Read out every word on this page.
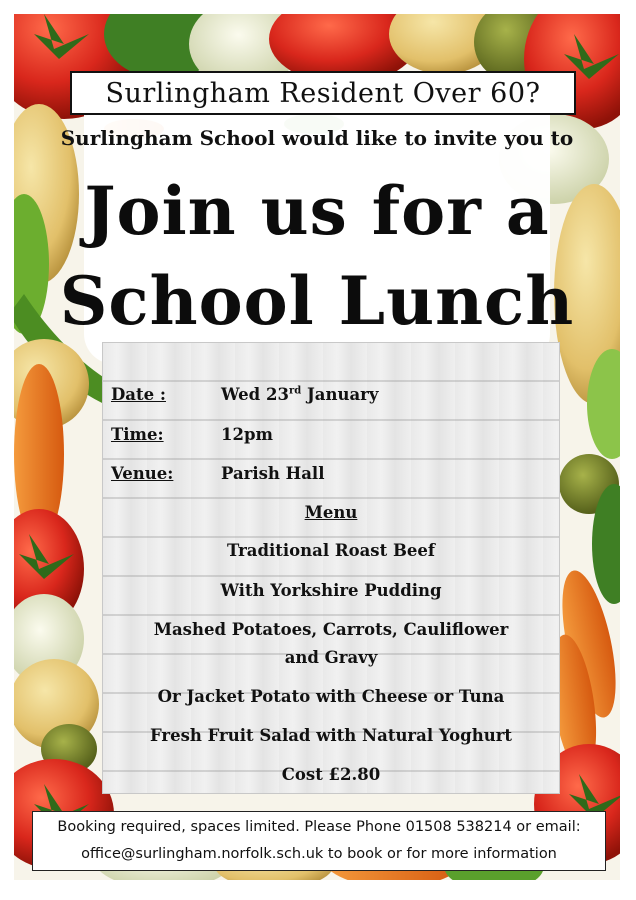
Surlingham Resident Over 60?
Surlingham School would like to invite you to
Join us for a
School Lunch
Date :	Wed 23rd January
Time:	12pm
Venue:	Parish Hall
Menu
Traditional Roast Beef
With Yorkshire Pudding
Mashed Potatoes, Carrots, Cauliflower
and Gravy
Or Jacket Potato with Cheese or Tuna
Fresh Fruit Salad with Natural Yoghurt
Cost £2.80
Booking required, spaces limited. Please Phone 01508 538214 or email:
office@surlingham.norfolk.sch.uk to book or for more information
